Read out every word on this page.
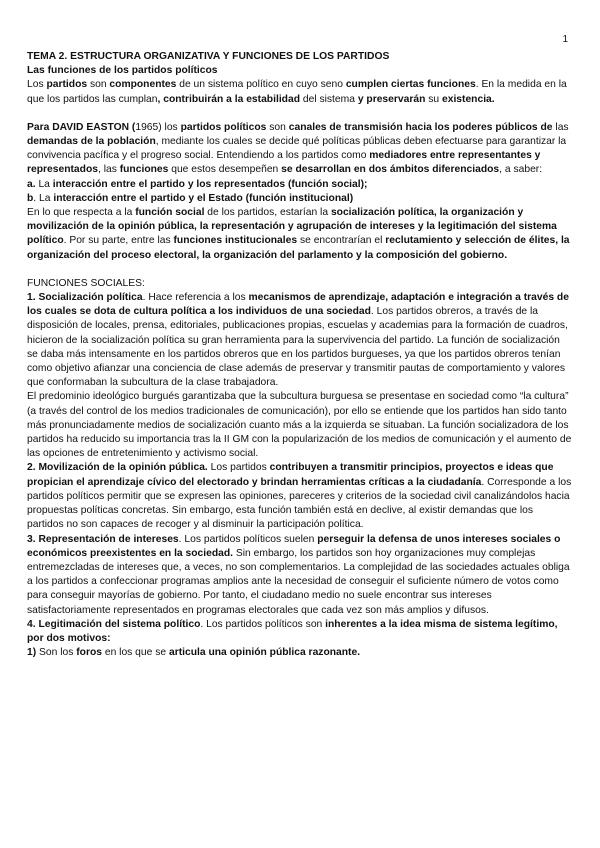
1

TEMA 2. ESTRUCTURA ORGANIZATIVA Y FUNCIONES DE LOS PARTIDOS

Las funciones de los partidos políticos

Los partidos son componentes de un sistema político en cuyo seno cumplen ciertas funciones. En la medida en la que los partidos las cumplan, contribuirán a la estabilidad del sistema y preservarán su existencia.

Para DAVID EASTON (1965) los partidos políticos son canales de transmisión hacia los poderes públicos de las demandas de la población, mediante los cuales se decide qué políticas públicas deben efectuarse para garantizar la convivencia pacífica y el progreso social. Entendiendo a los partidos como mediadores entre representantes y representados, las funciones que estos desempeñen se desarrollan en dos ámbitos diferenciados, a saber:

a. La interacción entre el partido y los representados (función social);

b. La interacción entre el partido y el Estado (función institucional)

En lo que respecta a la función social de los partidos, estarían la socialización política, la organización y movilización de la opinión pública, la representación y agrupación de intereses y la legitimación del sistema político. Por su parte, entre las funciones institucionales se encontrarían el reclutamiento y selección de élites, la organización del proceso electoral, la organización del parlamento y la composición del gobierno.

FUNCIONES SOCIALES:

1. Socialización política. Hace referencia a los mecanismos de aprendizaje, adaptación e integración a través de los cuales se dota de cultura política a los individuos de una sociedad. Los partidos obreros, a través de la disposición de locales, prensa, editoriales, publicaciones propias, escuelas y academias para la formación de cuadros, hicieron de la socialización política su gran herramienta para la supervivencia del partido. La función de socialización se daba más intensamente en los partidos obreros que en los partidos burgueses, ya que los partidos obreros tenían como objetivo afianzar una conciencia de clase además de preservar y transmitir pautas de comportamiento y valores que conformaban la subcultura de la clase trabajadora.

El predominio ideológico burgués garantizaba que la subcultura burguesa se presentase en sociedad como “la cultura” (a través del control de los medios tradicionales de comunicación), por ello se entiende que los partidos han sido tanto más pronunciadamente medios de socialización cuanto más a la izquierda se situaban. La función socializadora de los partidos ha reducido su importancia tras la II GM con la popularización de los medios de comunicación y el aumento de las opciones de entretenimiento y activismo social.

2. Movilización de la opinión pública. Los partidos contribuyen a transmitir principios, proyectos e ideas que propician el aprendizaje cívico del electorado y brindan herramientas críticas a la ciudadanía. Corresponde a los partidos políticos permitir que se expresen las opiniones, pareceres y criterios de la sociedad civil canalizándolos hacia propuestas políticas concretas. Sin embargo, esta función también está en declive, al existir demandas que los partidos no son capaces de recoger y al disminuir la participación política.

3. Representación de intereses. Los partidos políticos suelen perseguir la defensa de unos intereses sociales o económicos preexistentes en la sociedad. Sin embargo, los partidos son hoy organizaciones muy complejas entremezcladas de intereses que, a veces, no son complementarios. La complejidad de las sociedades actuales obliga a los partidos a confeccionar programas amplios ante la necesidad de conseguir el suficiente número de votos como para conseguir mayorías de gobierno. Por tanto, el ciudadano medio no suele encontrar sus intereses satisfactoriamente representados en programas electorales que cada vez son más amplios y difusos.

4. Legitimación del sistema político. Los partidos políticos son inherentes a la idea misma de sistema legítimo, por dos motivos:

1) Son los foros en los que se articula una opinión pública razonante.
